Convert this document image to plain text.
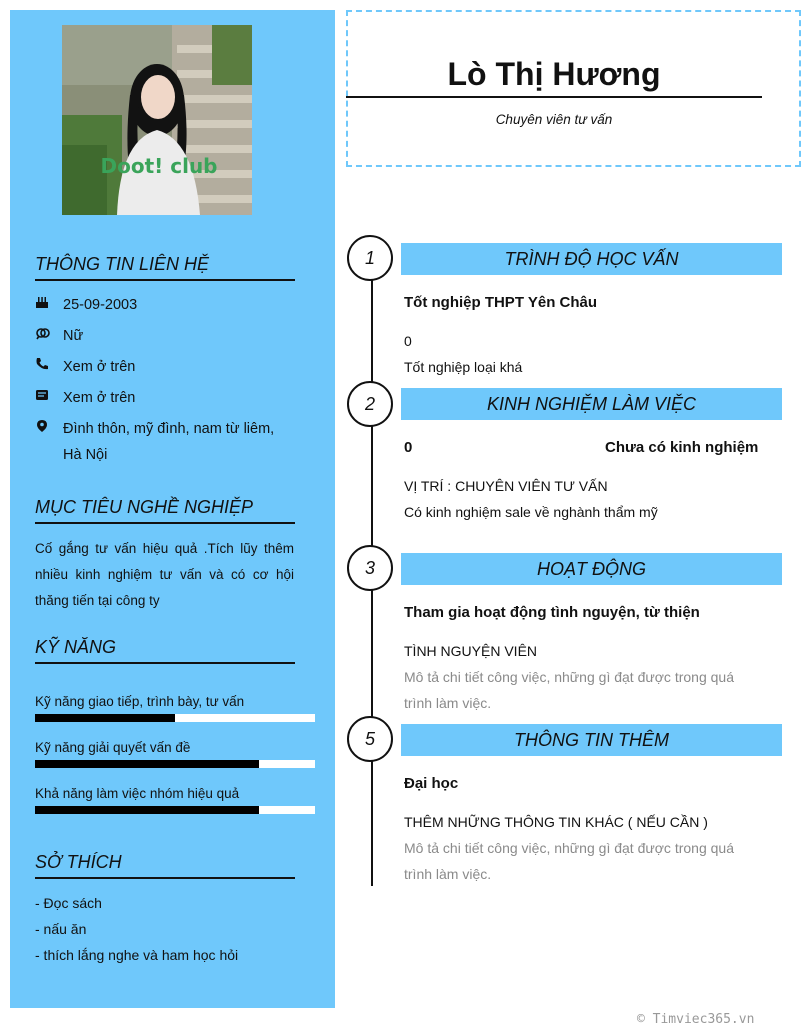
Doot! club
THÔNG TIN LIÊN HỆ
25-09-2003
Nữ
Xem ở trên
Xem ở trên
Đình thôn, mỹ đình, nam từ liêm,
Hà Nội
MỤC TIÊU NGHỀ NGHIỆP
Cố gắng tư vấn hiệu quả .Tích lũy thêm nhiều kinh nghiệm tư vấn và có cơ hội thăng tiến tại công ty
KỸ NĂNG
Kỹ năng giao tiếp, trình bày, tư vấn
Kỹ năng giải quyết vấn đề
Khả năng làm việc nhóm hiệu quả
SỞ THÍCH
- Đọc sách
- nấu ăn
- thích lắng nghe và ham học hỏi
Lò Thị Hương
Chuyên viên tư vấn
1	TRÌNH ĐỘ HỌC VẤN
Tốt nghiệp THPT Yên Châu
0
Tốt nghiệp loại khá
2	KINH NGHIỆM LÀM VIỆC
0	Chưa có kinh nghiệm
VỊ TRÍ : CHUYÊN VIÊN TƯ VẤN
Có kinh nghiệm sale về nghành thẩm mỹ
3	HOẠT ĐỘNG
Tham gia hoạt động tình nguyện, từ thiện
TÌNH NGUYỆN VIÊN
Mô tả chi tiết công việc, những gì đạt được trong quá trình làm việc.
5	THÔNG TIN THÊM
Đại học
THÊM NHỮNG THÔNG TIN KHÁC ( NẾU CẦN )
Mô tả chi tiết công việc, những gì đạt được trong quá trình làm việc.
© Timviec365.vn
